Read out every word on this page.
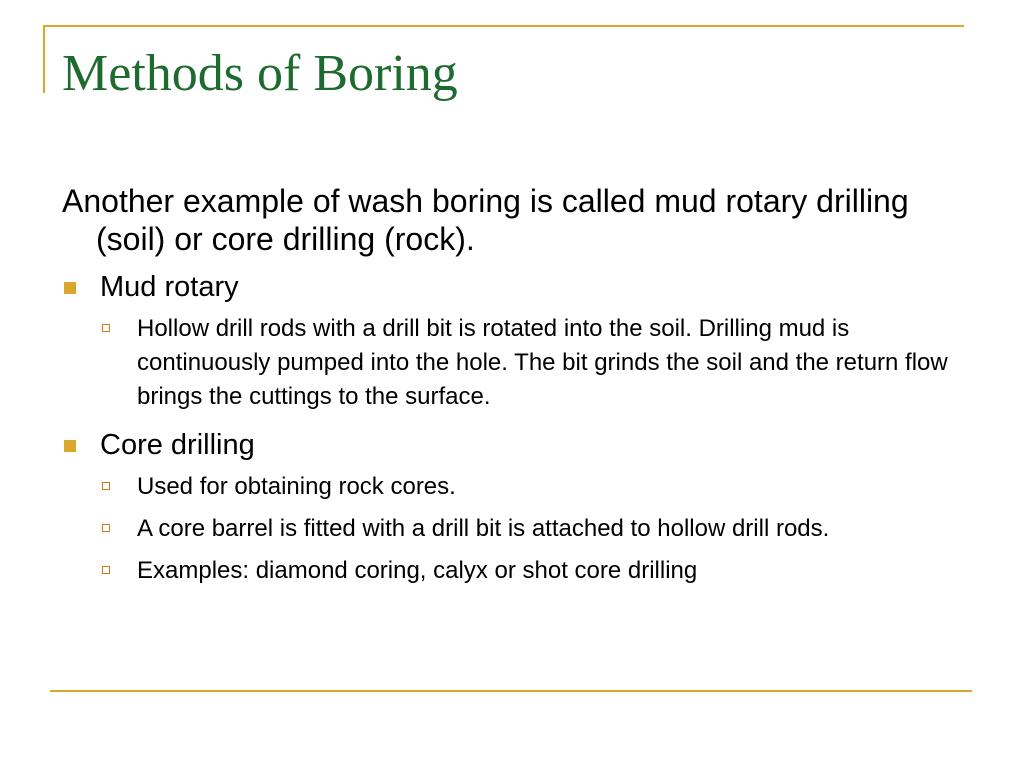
Methods of Boring

Another example of wash boring is called mud rotary drilling (soil) or core drilling (rock).

Mud rotary
Hollow drill rods with a drill bit is rotated into the soil. Drilling mud is continuously pumped into the hole. The bit grinds the soil and the return flow brings the cuttings to the surface.
Core drilling
Used for obtaining rock cores.
A core barrel is fitted with a drill bit is attached to hollow drill rods.
Examples: diamond coring, calyx or shot core drilling
